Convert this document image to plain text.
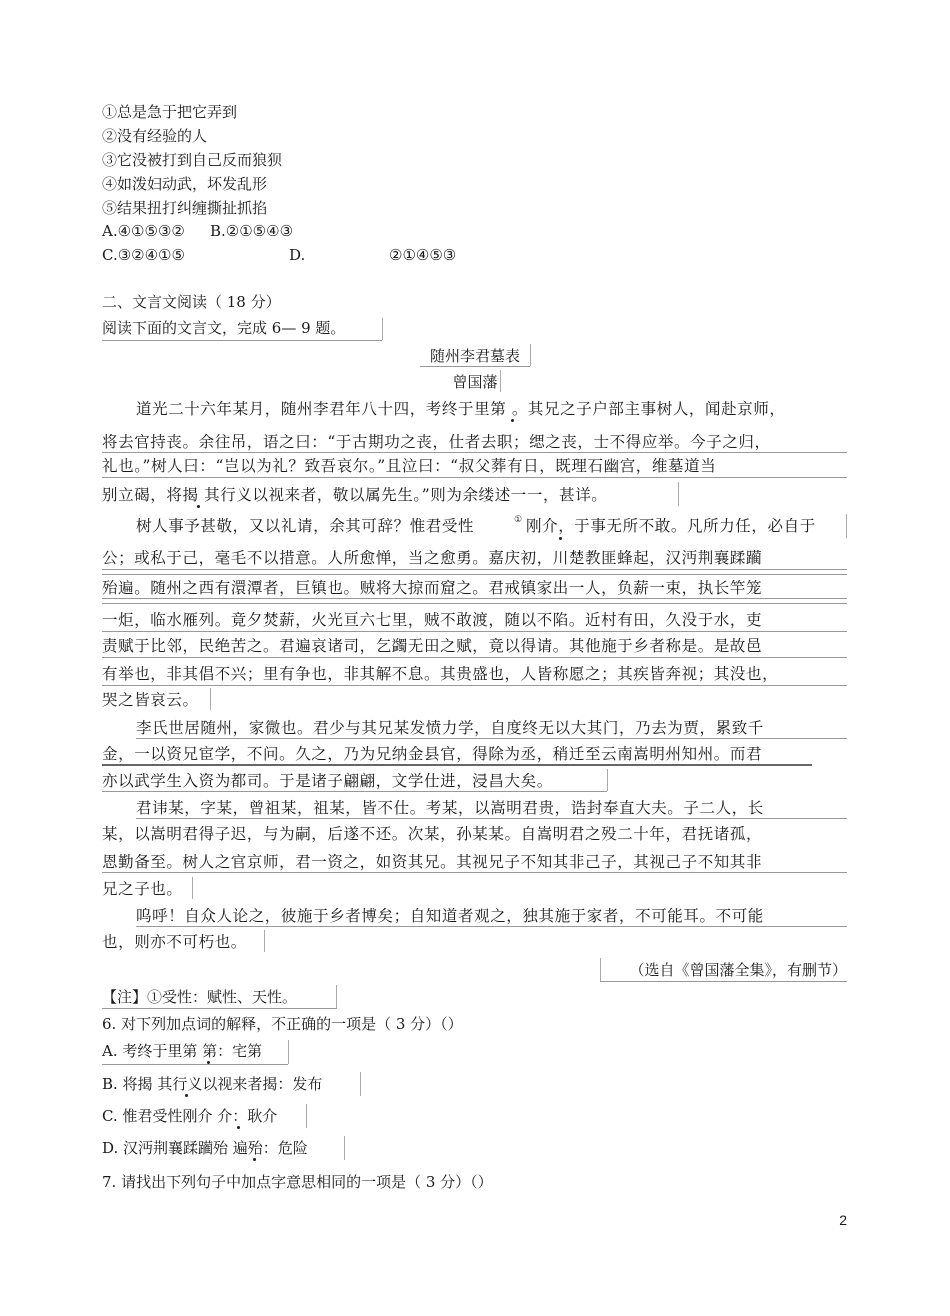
①总是急于把它弄到
②没有经验的人
③它没被打到自己反而狼狈
④如泼妇动武，坏发乱形
⑤结果扭打纠缠撕扯抓掐
A.④①⑤③② B.②①⑤④③
C.③②④①⑤	D.	②①④⑤③
二、文言文阅读（ 18 分）
阅读下面的文言文，完成 6— 9 题。
随州李君墓表
曾国藩
道光二十六年某月，随州李君年八十四，考终于里第 。其兄之子户部主事树人，闻赴京师，
将去官持丧。余往吊，语之曰：“于古期功之丧，仕者去职；缌之丧，士不得应举。今子之归，
礼也。”树人曰：“岂以为礼？致吾哀尔。”且泣曰：“叔父葬有日，既理石幽宫，维墓道当
别立碣，将揭 其行义以视来者，敬以属先生。”则为余缕述一一，甚详。
树人事予甚敬，又以礼请，余其可辞？惟君受性	① 刚介，于事无所不敢。凡所力任，必自于
公；或私于己，毫毛不以措意。人所愈惮，当之愈勇。嘉庆初，川楚教匪蜂起，汉沔荆襄蹂躏
殆遍。随州之西有澴潭者，巨镇也。贼将大掠而窟之。君戒镇家出一人，负薪一束，执长竿笼
一炬，临水雁列。竟夕焚薪，火光亘六七里，贼不敢渡，随以不陷。近村有田，久没于水，吏
责赋于比邻，民绝苦之。君遍哀诸司，乞蠲无田之赋，竟以得请。其他施于乡者称是。是故邑
有举也，非其倡不兴；里有争也，非其解不息。其贵盛也，人皆称愿之；其疾皆奔视；其没也，
哭之皆哀云。
李氏世居随州，家微也。君少与其兄某发愤力学，自度终无以大其门，乃去为贾，累致千
金，一以资兄宦学，不问。久之，乃为兄纳金县官，得除为丞，稍迁至云南嵩明州知州。而君
亦以武学生入资为都司。于是诸子翩翩，文学仕进，浸昌大矣。
君讳某，字某，曾祖某，祖某，皆不仕。考某，以嵩明君贵，诰封奉直大夫。子二人，长
某，以嵩明君得子迟，与为嗣，后遂不还。次某，孙某某。自嵩明君之殁二十年，君抚诸孤，
恩勤备至。树人之官京师，君一资之，如资其兄。其视兄子不知其非己子，其视己子不知其非
兄之子也。
呜呼！自众人论之，彼施于乡者博矣；自知道者观之，独其施于家者，不可能耳。不可能
也，则亦不可朽也。
（选自《曾国藩全集》，有删节）
【注】①受性：赋性、天性。
6. 对下列加点词的解释，不正确的一项是（ 3 分）（）
A. 考终于里第 第：宅第
B. 将揭 其行义以视来者揭：发布
C. 惟君受性刚介 介：耿介
D. 汉沔荆襄蹂躏殆 遍殆：危险
7. 请找出下列句子中加点字意思相同的一项是（ 3 分）（）
2
